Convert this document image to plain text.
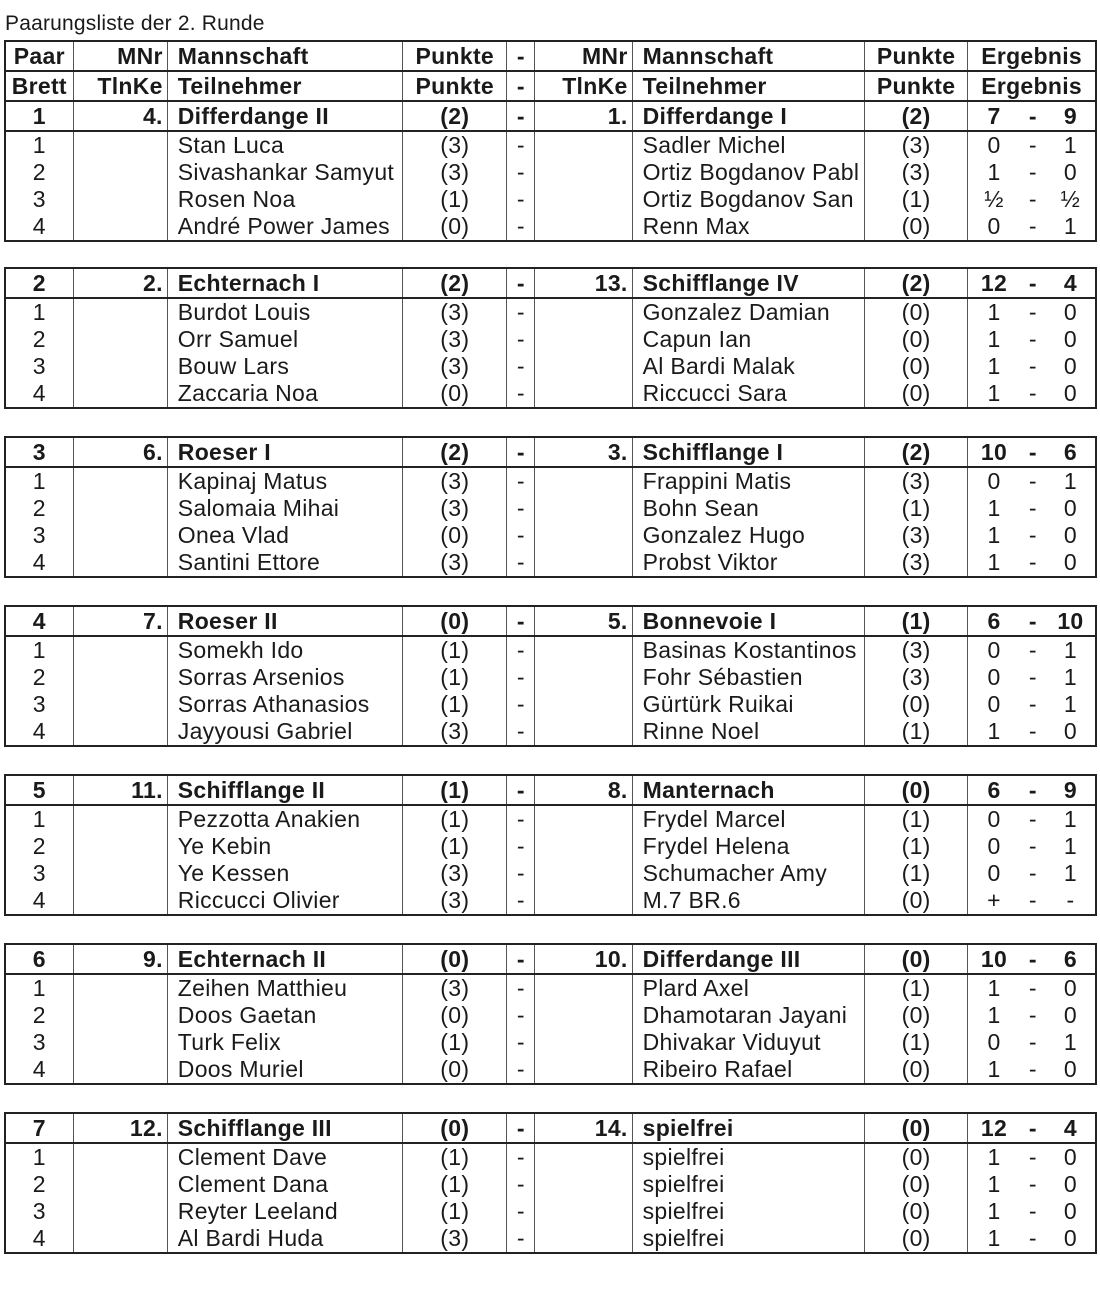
Paarungsliste der 2. Runde
Paar	MNr	Mannschaft	Punkte	-	MNr	Mannschaft	Punkte	Ergebnis		
Brett	TlnKe	Teilnehmer	Punkte	-	TlnKe	Teilnehmer	Punkte	Ergebnis		
1	4.	Differdange II	(2)	-	1.	Differdange I	(2)	7	-	9
1		Stan Luca	(3)	-		Sadler Michel	(3)	0	-	1
2		Sivashankar Samyut	(3)	-		Ortiz Bogdanov Pabl	(3)	1	-	0
3		Rosen Noa	(1)	-		Ortiz Bogdanov San	(1)	½	-	½
4		André Power James	(0)	-		Renn Max	(0)	0	-	1
2	2.	Echternach I	(2)	-	13.	Schifflange IV	(2)	12	-	4
1		Burdot Louis	(3)	-		Gonzalez Damian	(0)	1	-	0
2		Orr Samuel	(3)	-		Capun Ian	(0)	1	-	0
3		Bouw Lars	(3)	-		Al Bardi Malak	(0)	1	-	0
4		Zaccaria Noa	(0)	-		Riccucci Sara	(0)	1	-	0
3	6.	Roeser I	(2)	-	3.	Schifflange I	(2)	10	-	6
1		Kapinaj Matus	(3)	-		Frappini Matis	(3)	0	-	1
2		Salomaia Mihai	(3)	-		Bohn Sean	(1)	1	-	0
3		Onea Vlad	(0)	-		Gonzalez Hugo	(3)	1	-	0
4		Santini Ettore	(3)	-		Probst Viktor	(3)	1	-	0
4	7.	Roeser II	(0)	-	5.	Bonnevoie I	(1)	6	-	10
1		Somekh Ido	(1)	-		Basinas Kostantinos	(3)	0	-	1
2		Sorras Arsenios	(1)	-		Fohr Sébastien	(3)	0	-	1
3		Sorras Athanasios	(1)	-		Gürtürk Ruikai	(0)	0	-	1
4		Jayyousi Gabriel	(3)	-		Rinne Noel	(1)	1	-	0
5	11.	Schifflange II	(1)	-	8.	Manternach	(0)	6	-	9
1		Pezzotta Anakien	(1)	-		Frydel Marcel	(1)	0	-	1
2		Ye Kebin	(1)	-		Frydel Helena	(1)	0	-	1
3		Ye Kessen	(3)	-		Schumacher Amy	(1)	0	-	1
4		Riccucci Olivier	(3)	-		M.7 BR.6	(0)	+	-	-
6	9.	Echternach II	(0)	-	10.	Differdange III	(0)	10	-	6
1		Zeihen Matthieu	(3)	-		Plard Axel	(1)	1	-	0
2		Doos Gaetan	(0)	-		Dhamotaran Jayani	(0)	1	-	0
3		Turk Felix	(1)	-		Dhivakar Viduyut	(1)	0	-	1
4		Doos Muriel	(0)	-		Ribeiro Rafael	(0)	1	-	0
7	12.	Schifflange III	(0)	-	14.	spielfrei	(0)	12	-	4
1		Clement Dave	(1)	-		spielfrei	(0)	1	-	0
2		Clement Dana	(1)	-		spielfrei	(0)	1	-	0
3		Reyter Leeland	(1)	-		spielfrei	(0)	1	-	0
4		Al Bardi Huda	(3)	-		spielfrei	(0)	1	-	0
